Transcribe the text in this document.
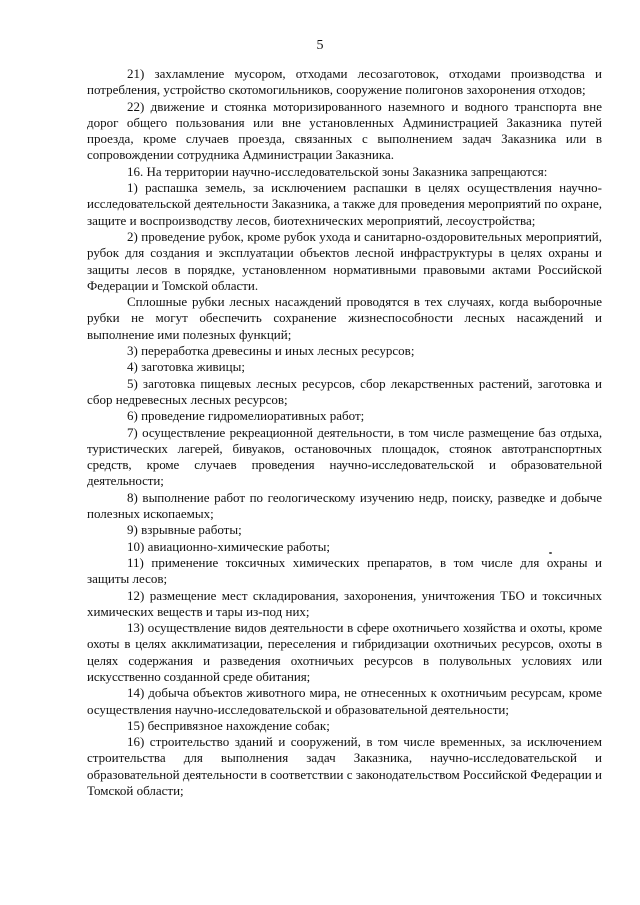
5

21) захламление мусором, отходами лесозаготовок, отходами производства и потребления, устройство скотомогильников, сооружение полигонов захоронения отходов;

22) движение и стоянка моторизированного наземного и водного транспорта вне дорог общего пользования или вне установленных Администрацией Заказника путей проезда, кроме случаев проезда, связанных с выполнением задач Заказника или в сопровождении сотрудника Администрации Заказника.

16. На территории научно-исследовательской зоны Заказника запрещаются:

1) распашка земель, за исключением распашки в целях осуществления научно-исследовательской деятельности Заказника, а также для проведения мероприятий по охране, защите и воспроизводству лесов, биотехнических мероприятий, лесоустройства;

2) проведение рубок, кроме рубок ухода и санитарно-оздоровительных мероприятий, рубок для создания и эксплуатации объектов лесной инфраструктуры в целях охраны и защиты лесов в порядке, установленном нормативными правовыми актами Российской Федерации и Томской области.

Сплошные рубки лесных насаждений проводятся в тех случаях, когда выборочные рубки не могут обеспечить сохранение жизнеспособности лесных насаждений и выполнение ими полезных функций;

3) переработка древесины и иных лесных ресурсов;

4) заготовка живицы;

5) заготовка пищевых лесных ресурсов, сбор лекарственных растений, заготовка и сбор недревесных лесных ресурсов;

6) проведение гидромелиоративных работ;

7) осуществление рекреационной деятельности, в том числе размещение баз отдыха, туристических лагерей, бивуаков, остановочных площадок, стоянок автотранспортных средств, кроме случаев проведения научно-исследовательской и образовательной деятельности;

8) выполнение работ по геологическому изучению недр, поиску, разведке и добыче полезных ископаемых;

9) взрывные работы;

10) авиационно-химические работы;

11) применение токсичных химических препаратов, в том числе для охраны и защиты лесов;

12) размещение мест складирования, захоронения, уничтожения ТБО и токсичных химических веществ и тары из-под них;

13) осуществление видов деятельности в сфере охотничьего хозяйства и охоты, кроме охоты в целях акклиматизации, переселения и гибридизации охотничьих ресурсов, охоты в целях содержания и разведения охотничьих ресурсов в полувольных условиях или искусственно созданной среде обитания;

14) добыча объектов животного мира, не отнесенных к охотничьим ресурсам, кроме осуществления научно-исследовательской и образовательной деятельности;

15) беспривязное нахождение собак;

16) строительство зданий и сооружений, в том числе временных, за исключением строительства для выполнения задач Заказника, научно-исследовательской и образовательной деятельности в соответствии с законодательством Российской Федерации и Томской области;
